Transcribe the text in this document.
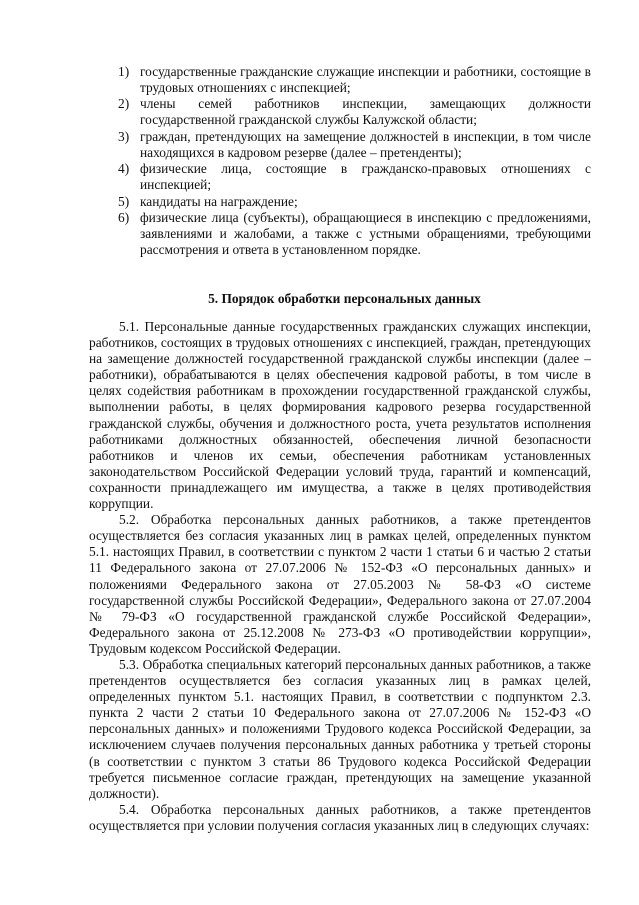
1) государственные гражданские служащие инспекции и работники, состоящие в трудовых отношениях с инспекцией;
2) члены семей работников инспекции, замещающих должности государственной гражданской службы Калужской области;
3) граждан, претендующих на замещение должностей в инспекции, в том числе находящихся в кадровом резерве (далее – претенденты);
4) физические лица, состоящие в гражданско-правовых отношениях с инспекцией;
5) кандидаты на награждение;
6) физические лица (субъекты), обращающиеся в инспекцию с предложениями, заявлениями и жалобами, а также с устными обращениями, требующими рассмотрения и ответа в установленном порядке.
5. Порядок обработки персональных данных

5.1. Персональные данные государственных гражданских служащих инспекции, работников, состоящих в трудовых отношениях с инспекцией, граждан, претендующих на замещение должностей государственной гражданской службы инспекции (далее – работники), обрабатываются в целях обеспечения кадровой работы, в том числе в целях содействия работникам в прохождении государственной гражданской службы, выполнении работы, в целях формирования кадрового резерва государственной гражданской службы, обучения и должностного роста, учета результатов исполнения работниками должностных обязанностей, обеспечения личной безопасности работников и членов их семьи, обеспечения работникам установленных законодательством Российской Федерации условий труда, гарантий и компенсаций, сохранности принадлежащего им имущества, а также в целях противодействия коррупции.

5.2. Обработка персональных данных работников, а также претендентов осуществляется без согласия указанных лиц в рамках целей, определенных пунктом 5.1. настоящих Правил, в соответствии с пунктом 2 части 1 статьи 6 и частью 2 статьи 11 Федерального закона от 27.07.2006 № 152-ФЗ «О персональных данных» и положениями Федерального закона от 27.05.2003 № 58-ФЗ «О системе государственной службы Российской Федерации», Федерального закона от 27.07.2004 № 79-ФЗ «О государственной гражданской службе Российской Федерации», Федерального закона от 25.12.2008 № 273-ФЗ «О противодействии коррупции», Трудовым кодексом Российской Федерации.

5.3. Обработка специальных категорий персональных данных работников, а также претендентов осуществляется без согласия указанных лиц в рамках целей, определенных пунктом 5.1. настоящих Правил, в соответствии с подпунктом 2.3. пункта 2 части 2 статьи 10 Федерального закона от 27.07.2006 № 152-ФЗ «О персональных данных» и положениями Трудового кодекса Российской Федерации, за исключением случаев получения персональных данных работника у третьей стороны (в соответствии с пунктом 3 статьи 86 Трудового кодекса Российской Федерации требуется письменное согласие граждан, претендующих на замещение указанной должности).

5.4. Обработка персональных данных работников, а также претендентов осуществляется при условии получения согласия указанных лиц в следующих случаях:
